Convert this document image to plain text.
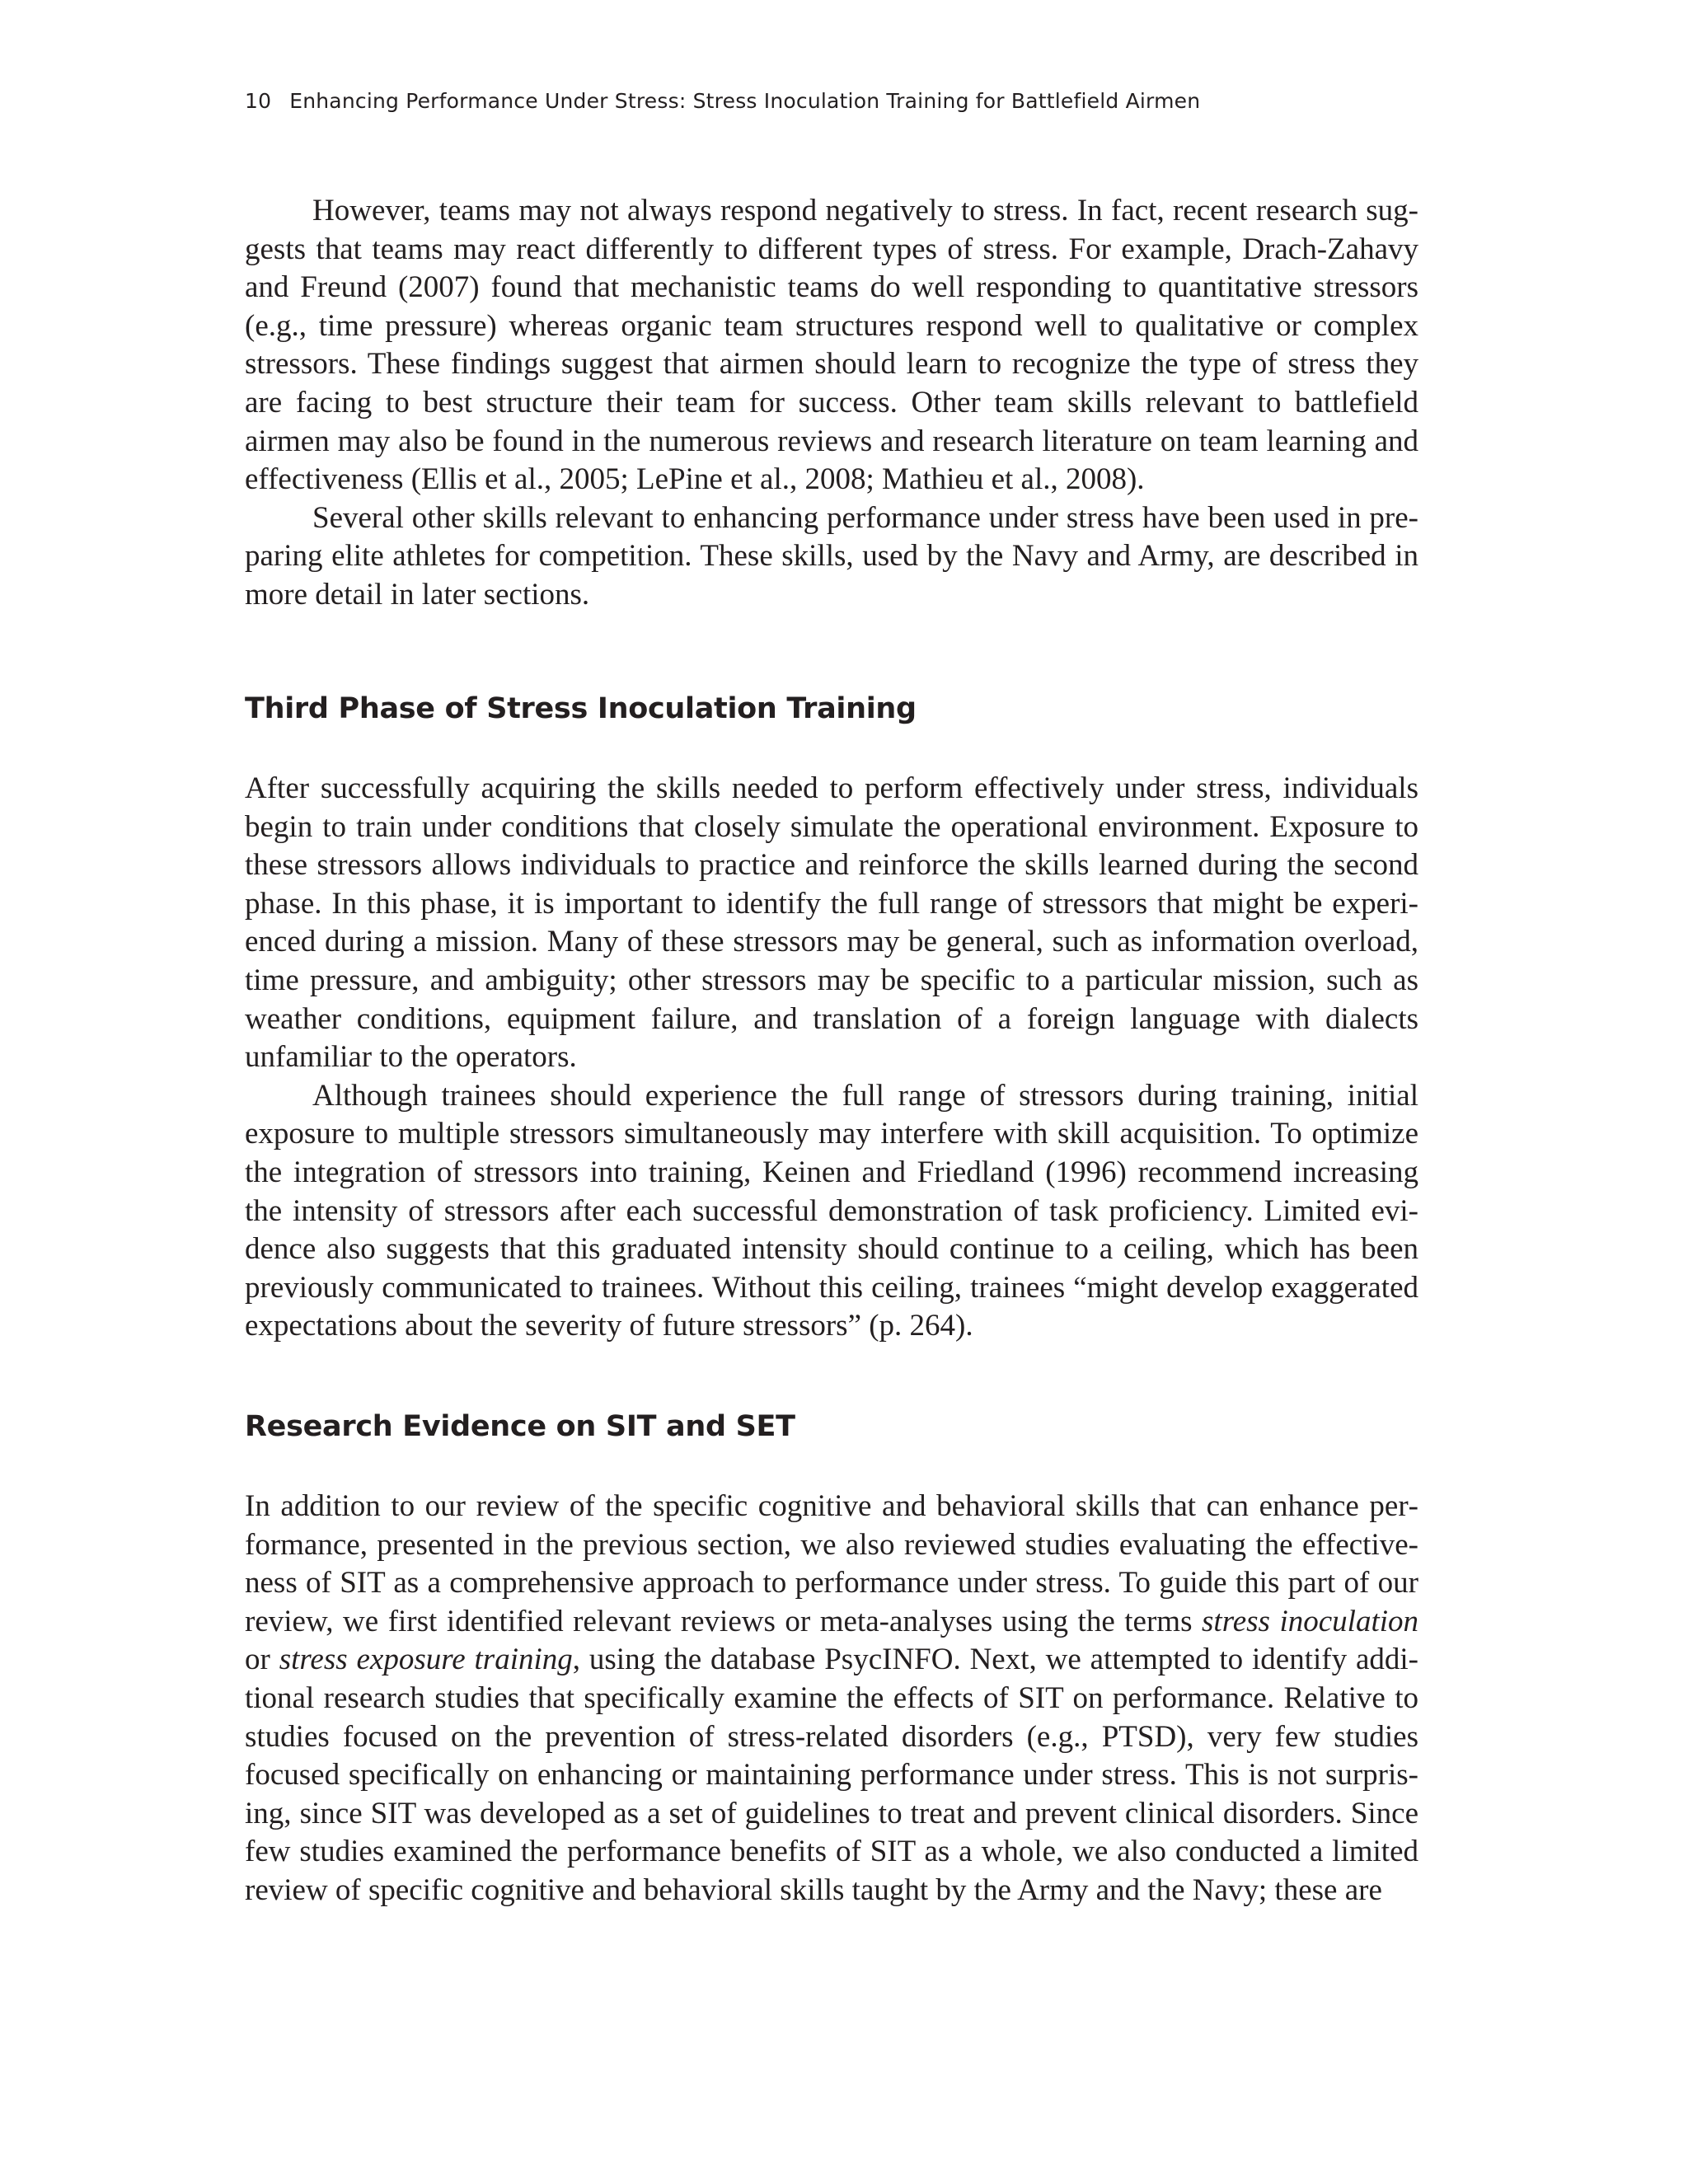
10 Enhancing Performance Under Stress: Stress Inoculation Training for Battlefield Airmen

However, teams may not always respond negatively to stress. In fact, recent research suggests that teams may react differently to different types of stress. For example, Drach-Zahavy and Freund (2007) found that mechanistic teams do well responding to quantitative stressors (e.g., time pressure) whereas organic team structures respond well to qualitative or complex stressors. These findings suggest that airmen should learn to recognize the type of stress they are facing to best structure their team for success. Other team skills relevant to battlefield airmen may also be found in the numerous reviews and research literature on team learning and effectiveness (Ellis et al., 2005; LePine et al., 2008; Mathieu et al., 2008).

Several other skills relevant to enhancing performance under stress have been used in preparing elite athletes for competition. These skills, used by the Navy and Army, are described in more detail in later sections.

Third Phase of Stress Inoculation Training

After successfully acquiring the skills needed to perform effectively under stress, individuals begin to train under conditions that closely simulate the operational environment. Exposure to these stressors allows individuals to practice and reinforce the skills learned during the second phase. In this phase, it is important to identify the full range of stressors that might be experienced during a mission. Many of these stressors may be general, such as information overload, time pressure, and ambiguity; other stressors may be specific to a particular mission, such as weather conditions, equipment failure, and translation of a foreign language with dialects unfamiliar to the operators.

Although trainees should experience the full range of stressors during training, initial exposure to multiple stressors simultaneously may interfere with skill acquisition. To optimize the integration of stressors into training, Keinen and Friedland (1996) recommend increasing the intensity of stressors after each successful demonstration of task proficiency. Limited evidence also suggests that this graduated intensity should continue to a ceiling, which has been previously communicated to trainees. Without this ceiling, trainees “might develop exaggerated expectations about the severity of future stressors” (p. 264).

Research Evidence on SIT and SET

In addition to our review of the specific cognitive and behavioral skills that can enhance performance, presented in the previous section, we also reviewed studies evaluating the effectiveness of SIT as a comprehensive approach to performance under stress. To guide this part of our review, we first identified relevant reviews or meta-analyses using the terms stress inoculation or stress exposure training, using the database PsycINFO. Next, we attempted to identify additional research studies that specifically examine the effects of SIT on performance. Relative to studies focused on the prevention of stress-related disorders (e.g., PTSD), very few studies focused specifically on enhancing or maintaining performance under stress. This is not surprising, since SIT was developed as a set of guidelines to treat and prevent clinical disorders. Since few studies examined the performance benefits of SIT as a whole, we also conducted a limited review of specific cognitive and behavioral skills taught by the Army and the Navy; these are
